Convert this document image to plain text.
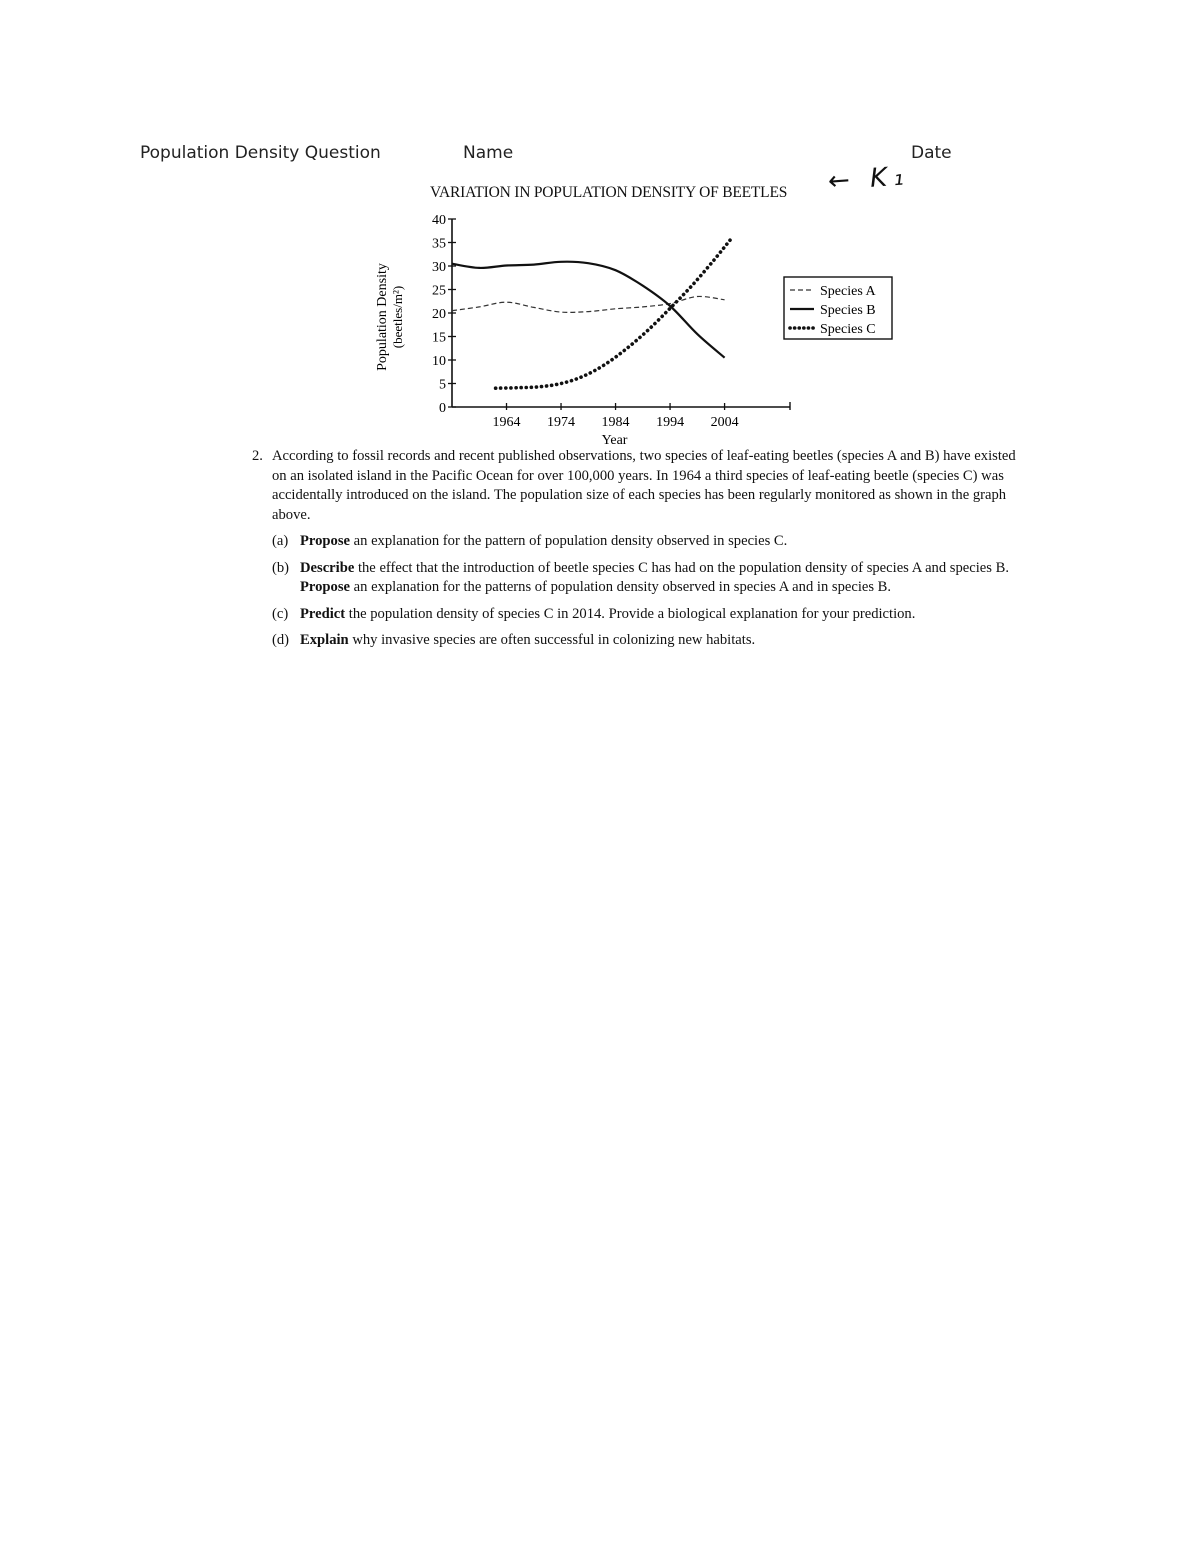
Population Density Question	Name	Date
← K₁
VARIATION IN POPULATION DENSITY OF BEETLES
0
5
10
15
20
25
30
35
40
1964 1974 1984 1994 2004
Year
Population Density (beetles/m²)	Species A
Species B
Species C
2. According to fossil records and recent published observations, two species of leaf-eating beetles (species A and B) have existed on an isolated island in the Pacific Ocean for over 100,000 years. In 1964 a third species of leaf-eating beetle (species C) was accidentally introduced on the island. The population size of each species has been regularly monitored as shown in the graph above.
(a) Propose an explanation for the pattern of population density observed in species C.
(b) Describe the effect that the introduction of beetle species C has had on the population density of species A and species B. Propose an explanation for the patterns of population density observed in species A and in species B.
(c) Predict the population density of species C in 2014. Provide a biological explanation for your prediction.
(d) Explain why invasive species are often successful in colonizing new habitats.
